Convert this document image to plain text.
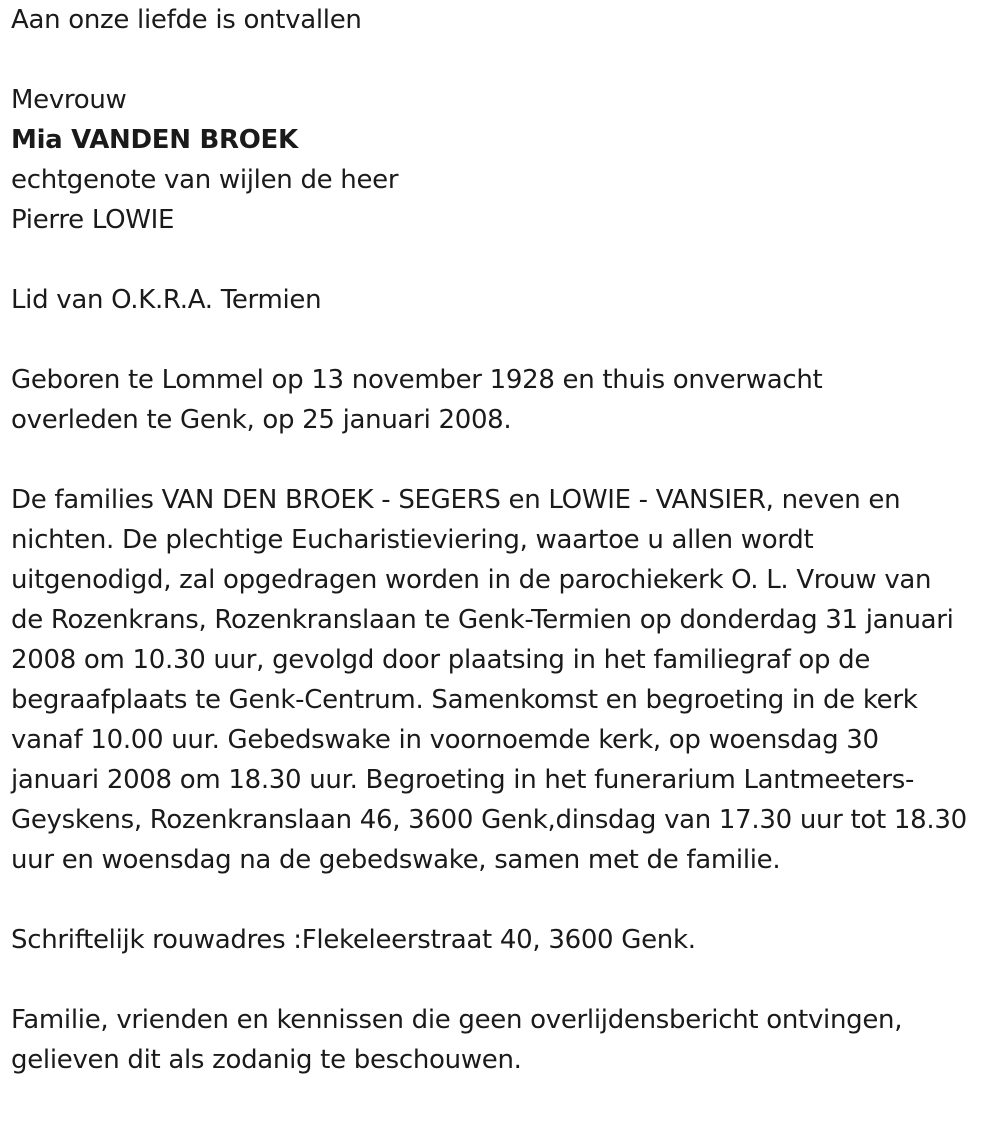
Aan onze liefde is ontvallen
Mevrouw
Mia VANDEN BROEK
echtgenote van wijlen de heer
Pierre LOWIE
Lid van O.K.R.A. Termien
Geboren te Lommel op 13 november 1928 en thuis onverwacht
overleden te Genk, op 25 januari 2008.
De families VAN DEN BROEK - SEGERS en LOWIE - VANSIER, neven en
nichten. De plechtige Eucharistieviering, waartoe u allen wordt
uitgenodigd, zal opgedragen worden in de parochiekerk O. L. Vrouw van
de Rozenkrans, Rozenkranslaan te Genk-Termien op donderdag 31 januari
2008 om 10.30 uur, gevolgd door plaatsing in het familiegraf op de
begraafplaats te Genk-Centrum. Samenkomst en begroeting in de kerk
vanaf 10.00 uur. Gebedswake in voornoemde kerk, op woensdag 30
januari 2008 om 18.30 uur. Begroeting in het funerarium Lantmeeters-
Geyskens, Rozenkranslaan 46, 3600 Genk,dinsdag van 17.30 uur tot 18.30
uur en woensdag na de gebedswake, samen met de familie.
Schriftelijk rouwadres :Flekeleerstraat 40, 3600 Genk.
Familie, vrienden en kennissen die geen overlijdensbericht ontvingen,
gelieven dit als zodanig te beschouwen.
